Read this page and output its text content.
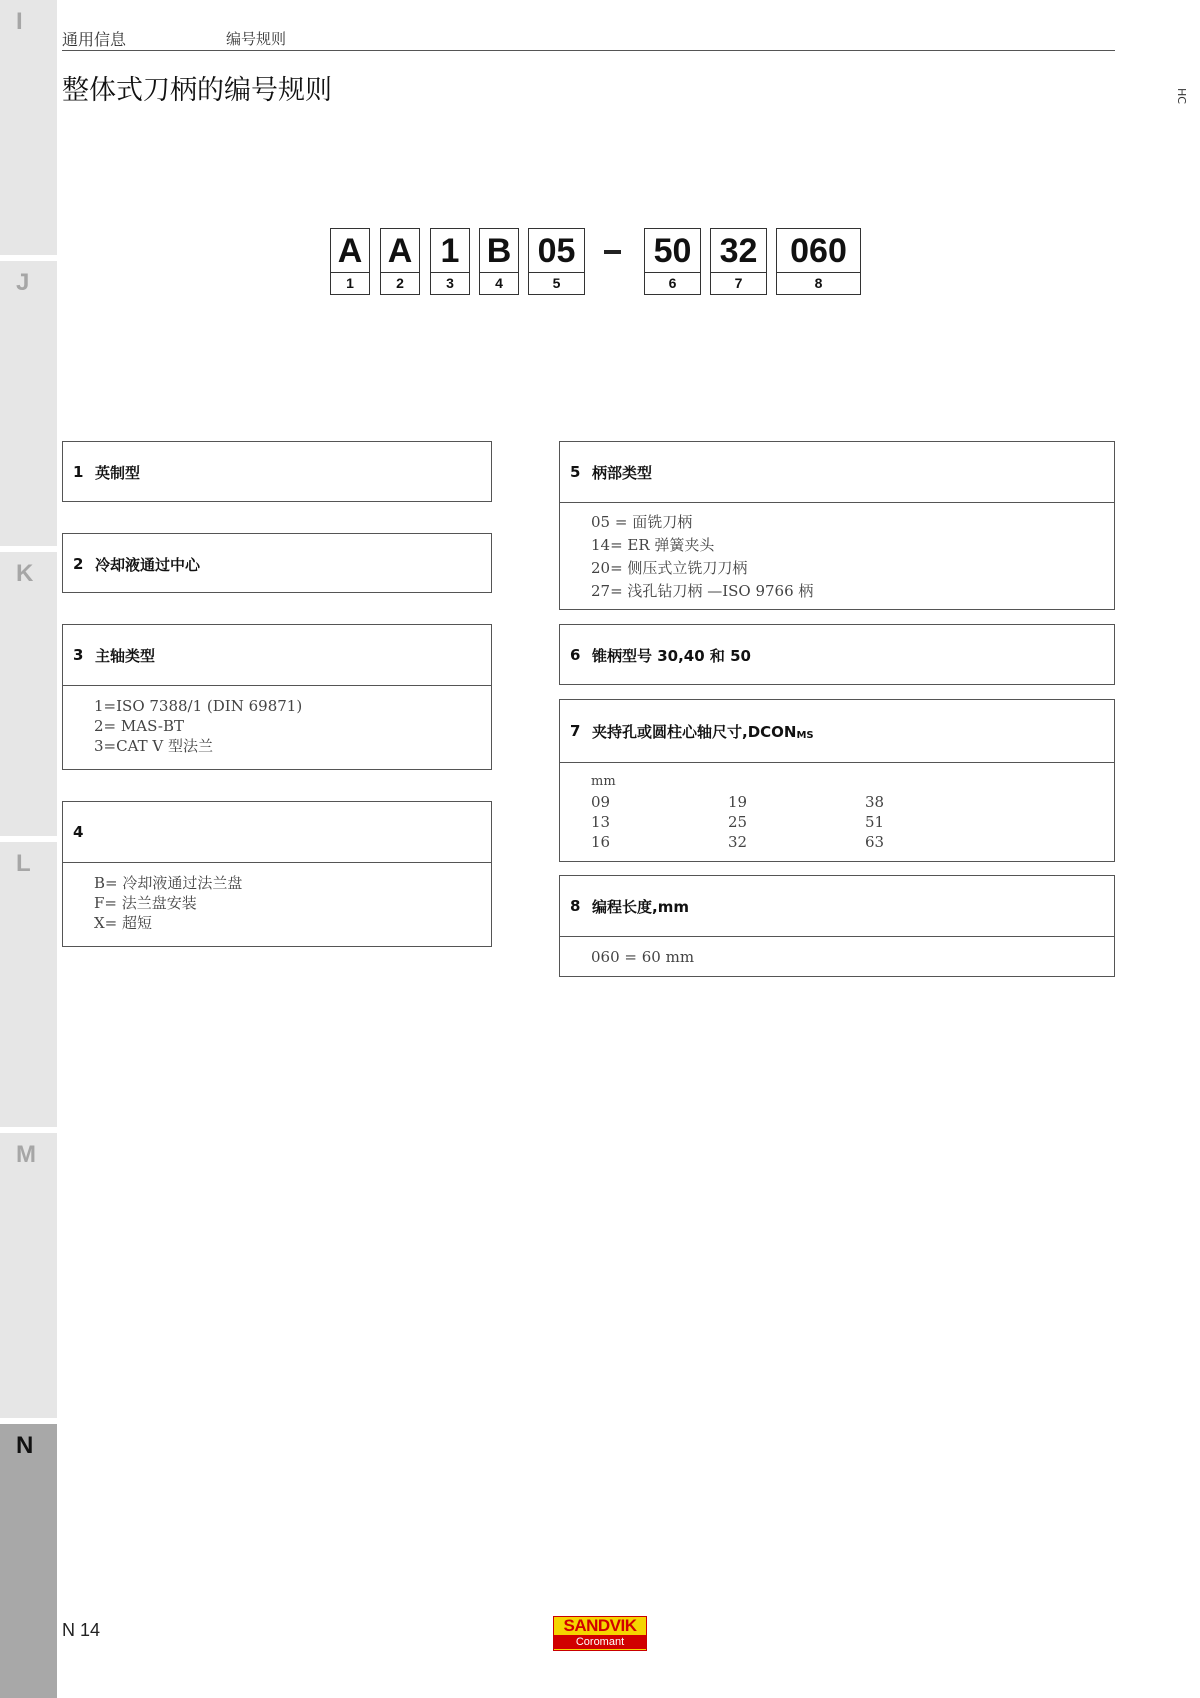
I
J
K
L
M
N
通用信息	编号规则
整体式刀柄的编号规则	HC
A
1
A
2
1
3
B
4
05
5
50
6
32
7
060
8
1 英制型
2 冷却液通过中心
3 主轴类型
1=ISO 7388/1 (DIN 69871)
2= MAS-BT
3=CAT V 型法兰
4
B= 冷却液通过法兰盘
F= 法兰盘安装
X= 超短
5 柄部类型
05 = 面铣刀柄
14= ER 弹簧夹头
20= 侧压式立铣刀刀柄
27= 浅孔钻刀柄 —ISO 9766 柄
6 锥柄型号 30,40 和 50
7 夹持孔或圆柱心轴尺寸,DCON MS
mm
09	19	38
13	25	51
16	32	63
8 编程长度,mm
060 = 60 mm
N 14	SANDVIK
Coromant
